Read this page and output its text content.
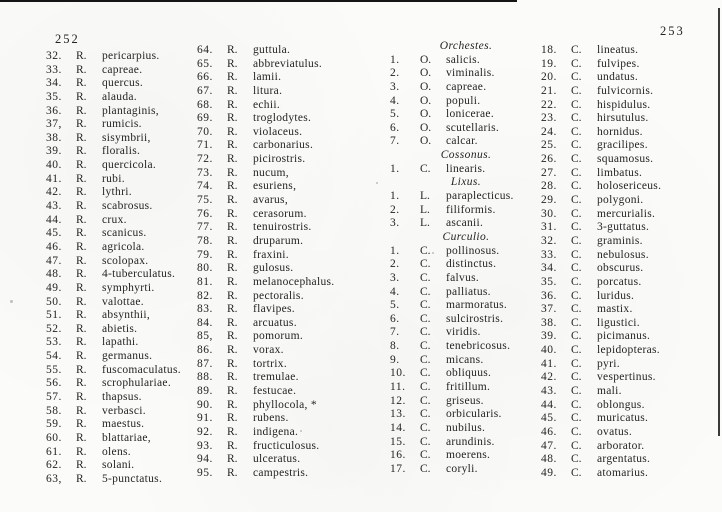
252
253
32.	R.	pericarpius.
33.	R.	capreae.
34.	R.	quercus.
35.	R.	alauda.
36.	R.	plantaginis,
37,	R.	rumicis.
38.	R.	sisymbrii,
39.	R.	floralis.
40.	R.	quercicola.
41.	R.	rubi.
42.	R.	lythri.
43.	R.	scabrosus.
44.	R.	crux.
45.	R.	scanicus.
46.	R.	agricola.
47.	R.	scolopax.
48.	R.	4-tuberculatus.
49.	R.	symphyrti.
50.	R.	valottae.
51.	R.	absynthii,
52.	R.	abietis.
53.	R.	lapathi.
54.	R.	germanus.
55.	R.	fuscomaculatus.
56.	R.	scrophulariae.
57.	R.	thapsus.
58.	R.	verbasci.
59.	R.	maestus.
60.	R.	blattariae,
61.	R.	olens.
62.	R.	solani.
63,	R.	5-punctatus.
64.	R.	guttula.
65.	R.	abbreviatulus.
66.	R.	lamii.
67.	R.	litura.
68.	R.	echii.
69.	R.	troglodytes.
70.	R.	violaceus.
71.	R.	carbonarius.
72.	R.	picirostris.
73.	R.	nucum,
74.	R.	esuriens,
75.	R.	avarus,
76.	R.	cerasorum.
77.	R.	tenuirostris.
78.	R.	druparum.
79.	R.	fraxini.
80.	R.	gulosus.
81.	R.	melanocephalus.
82.	R.	pectoralis.
83.	R.	flavipes.
84.	R.	arcuatus.
85,	R.	pomorum.
86.	R.	vorax.
87.	R.	tortrix.
88.	R.	tremulae.
89.	R.	festucae.
90.	R.	phyllocola, *
91.	R.	rubens.
92.	R.	indigena.
93.	R.	fructiculosus.
94.	R.	ulceratus.
95.	R.	campestris.
Orchestes.
1.	O.	salicis.
2.	O.	viminalis.
3.	O.	capreae.
4.	O.	populi.
5.	O.	lonicerae.
6.	O.	scutellaris.
7.	O.	calcar.
Cossonus.
1.	C.	linearis.
Lixus.
1.	L.	paraplecticus.
2.	L.	filiformis.
3.	L.	ascanii.
Curculio.
1.	C.	pollinosus.
2.	C.	distinctus.
3.	C.	falvus.
4.	C.	palliatus.
5.	C.	marmoratus.
6.	C.	sulcirostris.
7.	C.	viridis.
8.	C.	tenebricosus.
9.	C.	micans.
10.	C.	obliquus.
11.	C.	fritillum.
12.	C.	griseus.
13.	C.	orbicularis.
14.	C.	nubilus.
15.	C.	arundinis.
16.	C.	moerens.
17.	C.	coryli.
18.	C.	lineatus.
19.	C.	fulvipes.
20.	C.	undatus.
21.	C.	fulvicornis.
22.	C.	hispidulus.
23.	C.	hirsutulus.
24.	C.	hornidus.
25.	C.	gracilipes.
26.	C.	squamosus.
27.	C.	limbatus.
28.	C.	holosericeus.
29.	C.	polygoni.
30.	C.	mercurialis.
31.	C.	3-guttatus.
32.	C.	graminis.
33.	C.	nebulosus.
34.	C.	obscurus.
35.	C.	porcatus.
36.	C.	luridus.
37.	C.	mastix.
38.	C.	ligustici.
39.	C.	picimanus.
40.	C.	lepidopteras.
41.	C.	pyri.
42.	C.	vespertinus.
43.	C.	mali.
44.	C.	oblongus.
45.	C.	muricatus.
46.	C.	ovatus.
47.	C.	arborator.
48.	C.	argentatus.
49.	C.	atomarius.
